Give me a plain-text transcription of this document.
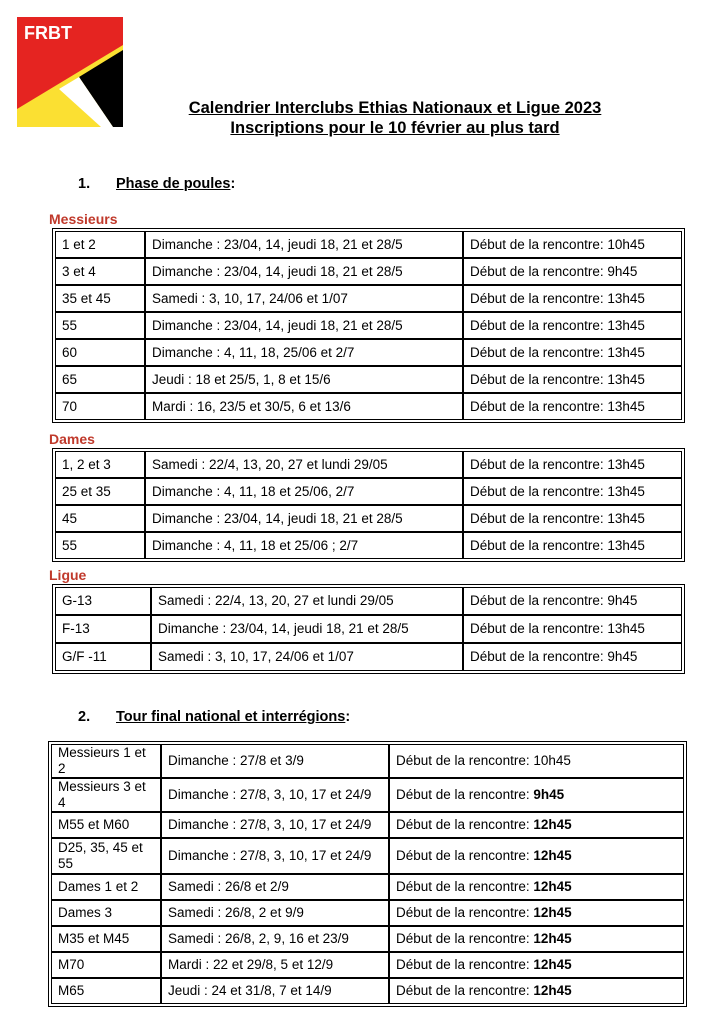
FRBT
Calendrier Interclubs Ethias Nationaux et Ligue 2023
Inscriptions pour le 10 février au plus tard
1. Phase de poules:
Messieurs
1 et 2	Dimanche : 23/04, 14, jeudi 18, 21 et 28/5	Début de la rencontre: 10h45
3 et 4	Dimanche : 23/04, 14, jeudi 18, 21 et 28/5	Début de la rencontre: 9h45
35 et 45	Samedi : 3, 10, 17, 24/06 et 1/07	Début de la rencontre: 13h45
55	Dimanche : 23/04, 14, jeudi 18, 21 et 28/5	Début de la rencontre: 13h45
60	Dimanche : 4, 11, 18, 25/06 et 2/7	Début de la rencontre: 13h45
65	Jeudi : 18 et 25/5, 1, 8 et 15/6	Début de la rencontre: 13h45
70	Mardi : 16, 23/5 et 30/5, 6 et 13/6	Début de la rencontre: 13h45
Dames
1, 2 et 3	Samedi : 22/4, 13, 20, 27 et lundi 29/05	Début de la rencontre: 13h45
25 et 35	Dimanche : 4, 11, 18 et 25/06, 2/7	Début de la rencontre: 13h45
45	Dimanche : 23/04, 14, jeudi 18, 21 et 28/5	Début de la rencontre: 13h45
55	Dimanche : 4, 11, 18 et 25/06 ; 2/7	Début de la rencontre: 13h45
Ligue
G-13	Samedi : 22/4, 13, 20, 27 et lundi 29/05	Début de la rencontre: 9h45
F-13	Dimanche : 23/04, 14, jeudi 18, 21 et 28/5	Début de la rencontre: 13h45
G/F -11	Samedi : 3, 10, 17, 24/06 et 1/07	Début de la rencontre: 9h45
2. Tour final national et interrégions:
Messieurs 1 et 2	Dimanche : 27/8 et 3/9	Début de la rencontre: 10h45
Messieurs 3 et 4	Dimanche : 27/8, 3, 10, 17 et 24/9	Début de la rencontre: 9h45
M55 et M60	Dimanche : 27/8, 3, 10, 17 et 24/9	Début de la rencontre: 12h45
D25, 35, 45 et 55	Dimanche : 27/8, 3, 10, 17 et 24/9	Début de la rencontre: 12h45
Dames 1 et 2	Samedi : 26/8 et 2/9	Début de la rencontre: 12h45
Dames 3	Samedi : 26/8, 2 et 9/9	Début de la rencontre: 12h45
M35 et M45	Samedi : 26/8, 2, 9, 16 et 23/9	Début de la rencontre: 12h45
M70	Mardi : 22 et 29/8, 5 et 12/9	Début de la rencontre: 12h45
M65	Jeudi : 24 et 31/8, 7 et 14/9	Début de la rencontre: 12h45
